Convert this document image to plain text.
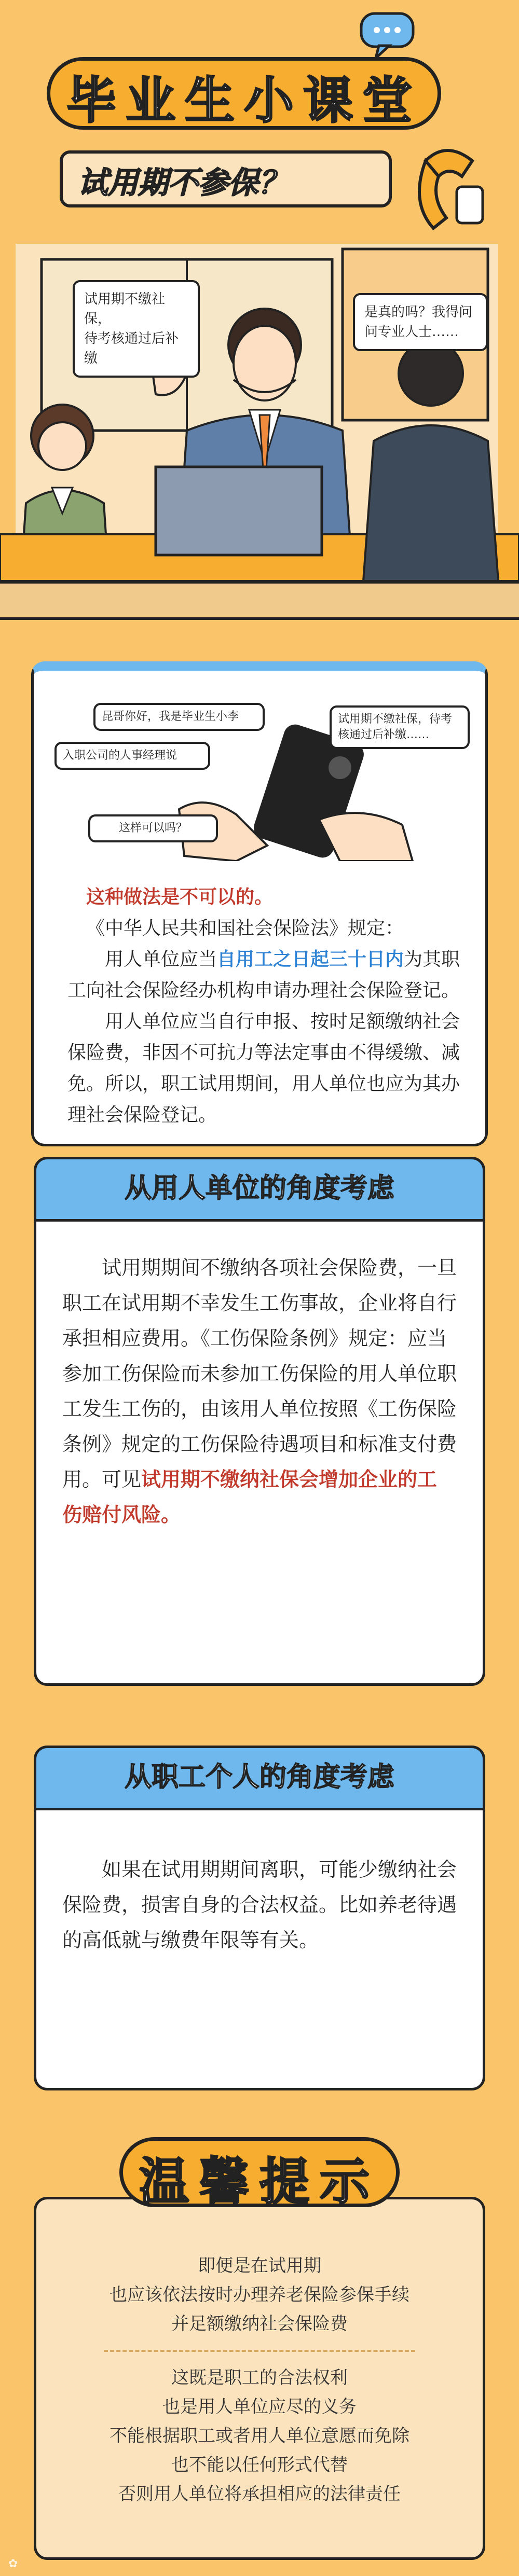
毕业生小课堂
试用期不参保？
试用期不缴社保，
待考核通过后补缴
是真的吗？我得问
问专业人士……
昆哥你好，我是毕业生小李
入职公司的人事经理说
这样可以吗？
试用期不缴社保，待考核通过后补缴……
这种做法是不可以的。
《中华人民共和国社会保险法》规定：

用人单位应当自用工之日起三十日内为其职工向社会保险经办机构申请办理社会保险登记。

用人单位应当自行申报、按时足额缴纳社会保险费，非因不可抗力等法定事由不得缓缴、减免。所以，职工试用期间，用人单位也应为其办理社会保险登记。

从用人单位的角度考虑

试用期期间不缴纳各项社会保险费，一旦职工在试用期不幸发生工伤事故，企业将自行承担相应费用。《工伤保险条例》规定：应当参加工伤保险而未参加工伤保险的用人单位职工发生工伤的，由该用人单位按照《工伤保险条例》规定的工伤保险待遇项目和标准支付费用。可见试用期不缴纳社保会增加企业的工伤赔付风险。

从职工个人的角度考虑

如果在试用期期间离职，可能少缴纳社会保险费，损害自身的合法权益。比如养老待遇的高低就与缴费年限等有关。

温馨提示
即便是在试用期
也应该依法按时办理养老保险参保手续
并足额缴纳社会保险费
这既是职工的合法权利
也是用人单位应尽的义务
不能根据职工或者用人单位意愿而免除
也不能以任何形式代替
否则用人单位将承担相应的法律责任
✿
